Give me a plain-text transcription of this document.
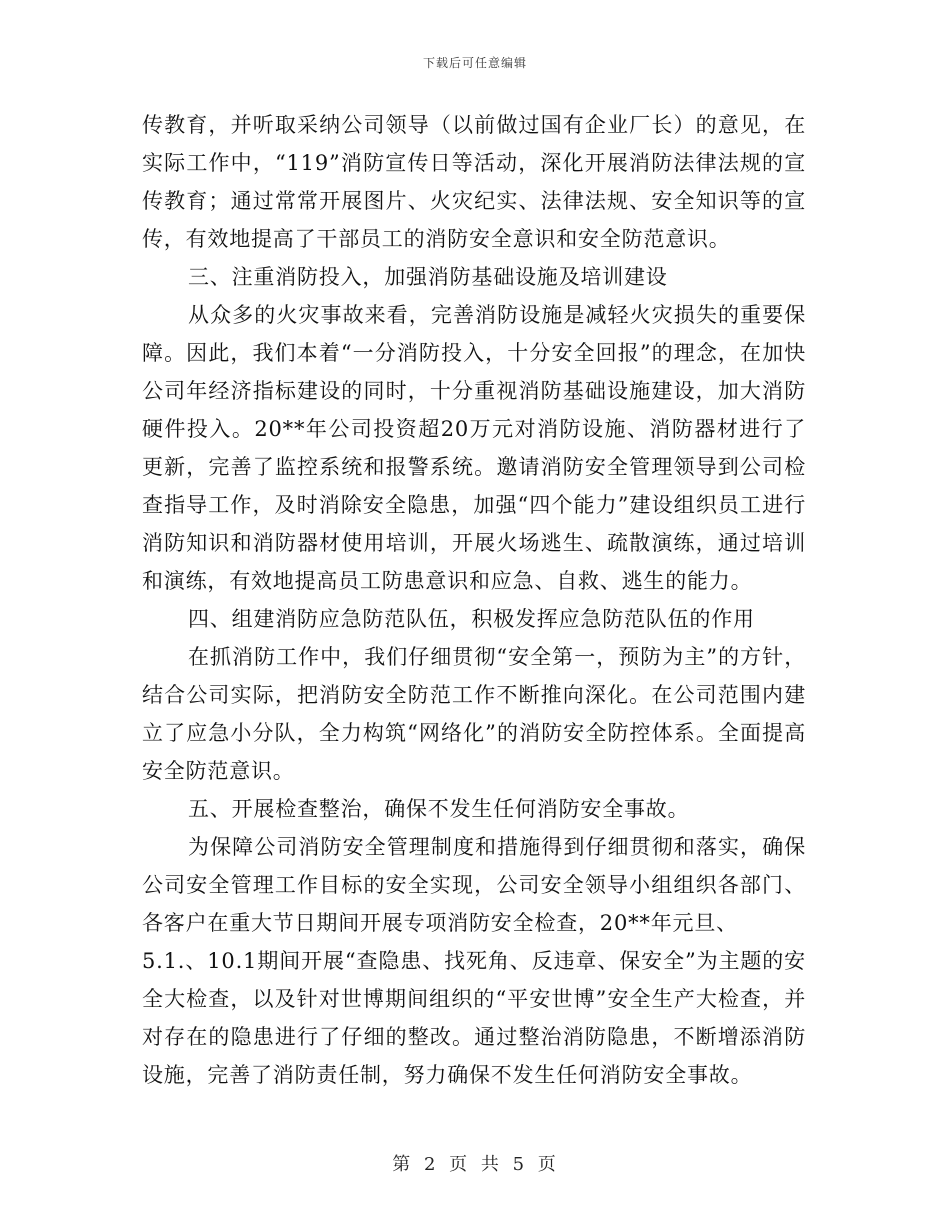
下载后可任意编辑

传教育，并听取采纳公司领导（以前做过国有企业厂长）的意见，在实际工作中，“119”消防宣传日等活动，深化开展消防法律法规的宣传教育；通过常常开展图片、火灾纪实、法律法规、安全知识等的宣传，有效地提高了干部员工的消防安全意识和安全防范意识。

三、注重消防投入，加强消防基础设施及培训建设

从众多的火灾事故来看，完善消防设施是减轻火灾损失的重要保障。因此，我们本着“一分消防投入，十分安全回报”的理念，在加快公司年经济指标建设的同时，十分重视消防基础设施建设，加大消防硬件投入。20**年公司投资超20万元对消防设施、消防器材进行了更新，完善了监控系统和报警系统。邀请消防安全管理领导到公司检查指导工作，及时消除安全隐患，加强“四个能力”建设组织员工进行消防知识和消防器材使用培训，开展火场逃生、疏散演练，通过培训和演练，有效地提高员工防患意识和应急、自救、逃生的能力。

四、组建消防应急防范队伍，积极发挥应急防范队伍的作用

在抓消防工作中，我们仔细贯彻“安全第一，预防为主”的方针，结合公司实际，把消防安全防范工作不断推向深化。在公司范围内建立了应急小分队，全力构筑“网络化”的消防安全防控体系。全面提高安全防范意识。

五、开展检查整治，确保不发生任何消防安全事故。

为保障公司消防安全管理制度和措施得到仔细贯彻和落实，确保公司安全管理工作目标的安全实现，公司安全领导小组组织各部门、各客户在重大节日期间开展专项消防安全检查，20**年元旦、

5.1.、10.1期间开展“查隐患、找死角、反违章、保安全”为主题的安全大检查，以及针对世博期间组织的“平安世博”安全生产大检查，并对存在的隐患进行了仔细的整改。通过整治消防隐患，不断增添消防设施，完善了消防责任制，努力确保不发生任何消防安全事故。

第 2 页 共 5 页
